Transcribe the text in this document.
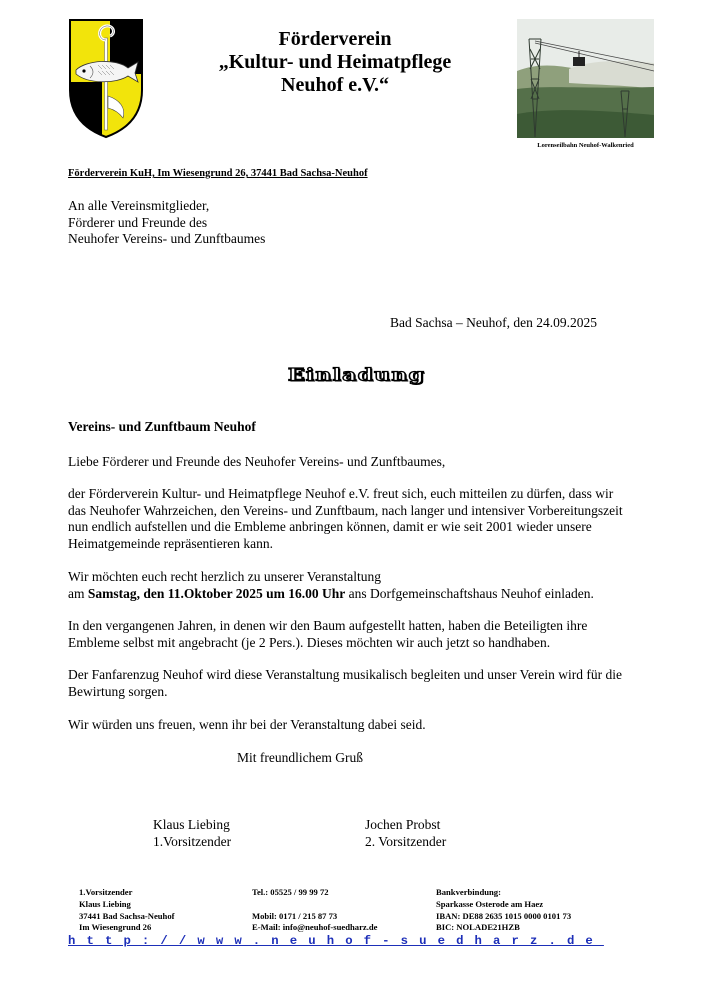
Förderverein
„Kultur- und Heimatpflege
Neuhof e.V.“
Lorenseilbahn Neuhof-Walkenried
Förderverein KuH, Im Wiesengrund 26, 37441 Bad Sachsa-Neuhof
An alle Vereinsmitglieder,
Förderer und Freunde des
Neuhofer Vereins- und Zunftbaumes
Bad Sachsa – Neuhof, den 24.09.2025
Einladung
Vereins- und Zunftbaum Neuhof
Liebe Förderer und Freunde des Neuhofer Vereins- und Zunftbaumes,
der Förderverein Kultur- und Heimatpflege Neuhof e.V. freut sich, euch mitteilen zu dürfen, dass wir
das Neuhofer Wahrzeichen, den Vereins- und Zunftbaum, nach langer und intensiver Vorbereitungszeit
nun endlich aufstellen und die Embleme anbringen können, damit er wie seit 2001 wieder unsere
Heimatgemeinde repräsentieren kann.
Wir möchten euch recht herzlich zu unserer Veranstaltung
am Samstag, den 11.Oktober 2025 um 16.00 Uhr ans Dorfgemeinschaftshaus Neuhof einladen.
In den vergangenen Jahren, in denen wir den Baum aufgestellt hatten, haben die Beteiligten ihre
Embleme selbst mit angebracht (je 2 Pers.). Dieses möchten wir auch jetzt so handhaben.
Der Fanfarenzug Neuhof wird diese Veranstaltung musikalisch begleiten und unser Verein wird für die
Bewirtung sorgen.
Wir würden uns freuen, wenn ihr bei der Veranstaltung dabei seid.
Mit freundlichem Gruß
Klaus Liebing
1.Vorsitzender
Jochen Probst
2. Vorsitzender
1.Vorsitzender
Klaus Liebing
37441 Bad Sachsa-Neuhof
Im Wiesengrund 26
Tel.: 05525 / 99 99 72

Mobil: 0171 / 215 87 73
E-Mail: info@neuhof-suedharz.de
Bankverbindung:
Sparkasse Osterode am Haez
IBAN: DE88 2635 1015 0000 0101 73
BIC: NOLADE21HZB
http://www.neuhof-suedharz.de
